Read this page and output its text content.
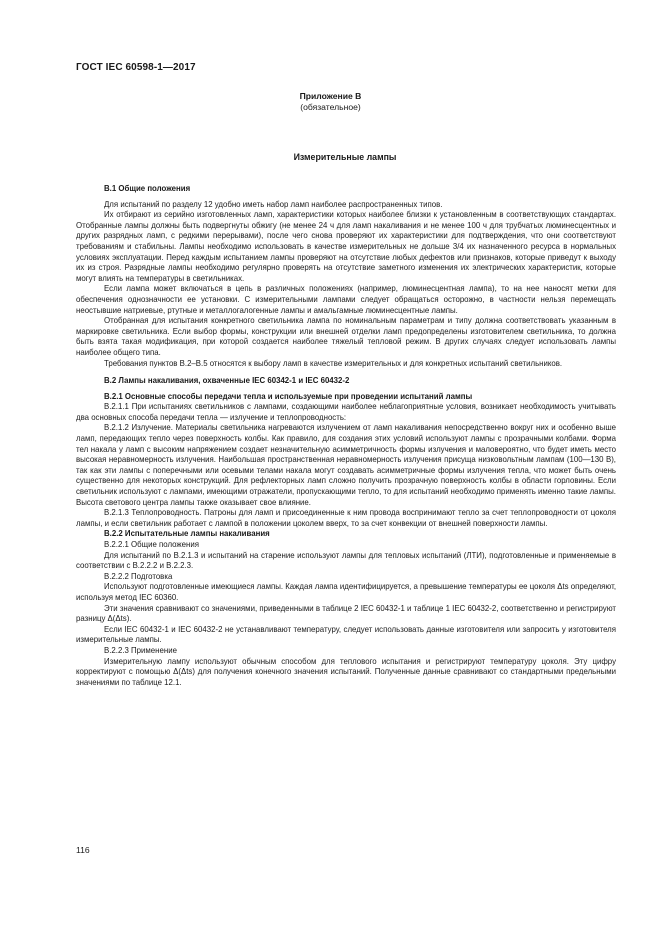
ГОСТ IEC 60598-1—2017
Приложение В
(обязательное)
Измерительные лампы

В.1 Общие положения

Для испытаний по разделу 12 удобно иметь набор ламп наиболее распространенных типов.

Их отбирают из серийно изготовленных ламп, характеристики которых наиболее близки к установленным в соответствующих стандартах. Отобранные лампы должны быть подвергнуты обжигу (не менее 24 ч для ламп накаливания и не менее 100 ч для трубчатых люминесцентных и других разрядных ламп, с редкими перерывами), после чего снова проверяют их характеристики для подтверждения, что они соответствуют требованиям и стабильны. Лампы необходимо использовать в качестве измерительных не дольше 3/4 их назначенного ресурса в нормальных условиях эксплуатации. Перед каждым испытанием лампы проверяют на отсутствие любых дефектов или признаков, которые приведут к выходу их из строя. Разрядные лампы необходимо регулярно проверять на отсутствие заметного изменения их электрических характеристик, которые могут влиять на температуры в светильниках.

Если лампа может включаться в цепь в различных положениях (например, люминесцентная лампа), то на нее наносят метки для обеспечения однозначности ее установки. С измерительными лампами следует обращаться осторожно, в частности нельзя перемещать неостывшие натриевые, ртутные и металлогалогенные лампы и амальгамные люминесцентные лампы.

Отобранная для испытания конкретного светильника лампа по номинальным параметрам и типу должна соответствовать указанным в маркировке светильника. Если выбор формы, конструкции или внешней отделки ламп предопределены изготовителем светильника, то должна быть взята такая модификация, при которой создается наиболее тяжелый тепловой режим. В других случаях следует использовать лампы наиболее общего типа.

Требования пунктов В.2–В.5 относятся к выбору ламп в качестве измерительных и для конкретных испытаний светильников.

В.2 Лампы накаливания, охваченные IEC 60342-1 и IEC 60432-2

В.2.1 Основные способы передачи тепла и используемые при проведении испытаний лампы

В.2.1.1 При испытаниях светильников с лампами, создающими наиболее неблагоприятные условия, возникает необходимость учитывать два основных способа передачи тепла — излучение и теплопроводность:

В.2.1.2 Излучение. Материалы светильника нагреваются излучением от ламп накаливания непосредственно вокруг них и особенно выше ламп, передающих тепло через поверхность колбы. Как правило, для создания этих условий используют лампы с прозрачными колбами. Форма тел накала у ламп с высоким напряжением создает незначительную асимметричность формы излучения и маловероятно, что будет иметь место высокая неравномерность излучения. Наибольшая пространственная неравномерность излучения присуща низковольтным лампам (100—130 В), так как эти лампы с поперечными или осевыми телами накала могут создавать асимметричные формы излучения тепла, что может быть очень существенно для некоторых конструкций. Для рефлекторных ламп сложно получить прозрачную поверхность колбы в области горловины. Если светильник используют с лампами, имеющими отражатели, пропускающими тепло, то для испытаний необходимо применять именно такие лампы. Высота светового центра лампы также оказывает свое влияние.

В.2.1.3 Теплопроводность. Патроны для ламп и присоединенные к ним провода воспринимают тепло за счет теплопроводности от цоколя лампы, и если светильник работает с лампой в положении цоколем вверх, то за счет конвекции от внешней поверхности лампы.

В.2.2 Испытательные лампы накаливания

В.2.2.1 Общие положения

Для испытаний по В.2.1.3 и испытаний на старение используют лампы для тепловых испытаний (ЛТИ), подготовленные и применяемые в соответствии с В.2.2.2 и В.2.2.3.

В.2.2.2 Подготовка

Используют подготовленные имеющиеся лампы. Каждая лампа идентифицируется, а превышение температуры ее цоколя Δts определяют, используя метод IEC 60360.

Эти значения сравнивают со значениями, приведенными в таблице 2 IEC 60432-1 и таблице 1 IEC 60432-2, соответственно и регистрируют разницу Δ(Δts).

Если IEC 60432-1 и IEC 60432-2 не устанавливают температуру, следует использовать данные изготовителя или запросить у изготовителя измерительные лампы.

В.2.2.3 Применение

Измерительную лампу используют обычным способом для теплового испытания и регистрируют температуру цоколя. Эту цифру корректируют с помощью Δ(Δts) для получения конечного значения испытаний. Полученные данные сравнивают со стандартными предельными значениями по таблице 12.1.

116
